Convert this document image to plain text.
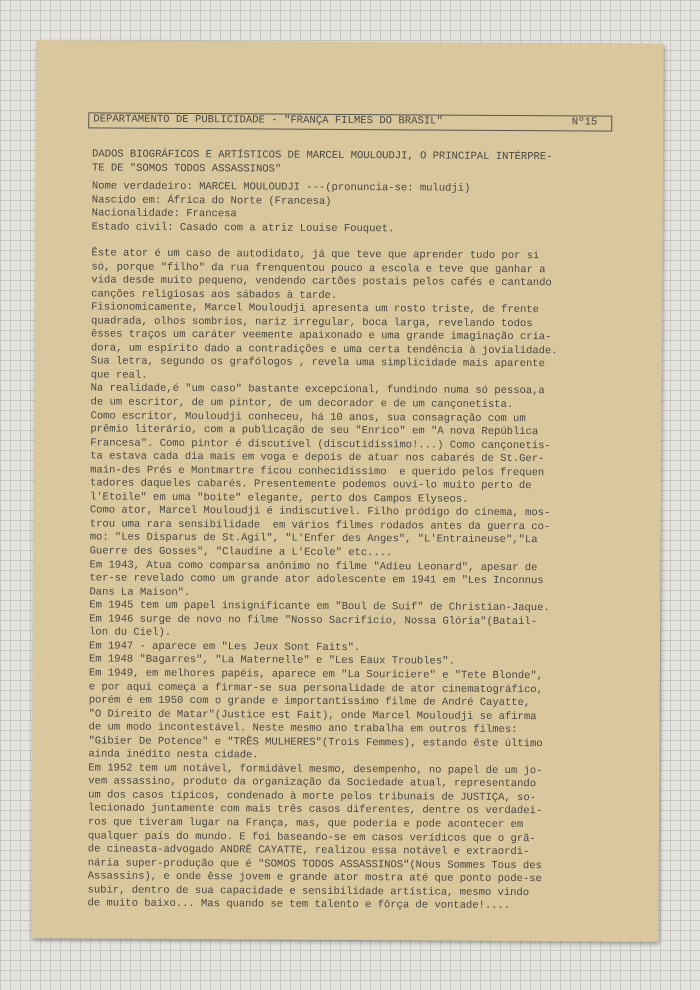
DEPARTAMENTO DE PUBLICIDADE - "FRANÇA FILMES DO BRASIL"	Nº15
DADOS BIOGRÁFICOS E ARTÍSTICOS DE MARCEL MOULOUDJI, O PRINCIPAL INTÉRPRE-
TE DE "SOMOS TODOS ASSASSINOS"
Nome verdadeiro: MARCEL MOULOUDJI ---(pronuncia-se: muludji)
Nascido em: África do Norte (Francesa)
Nacionalidade: Francesa
Estado civil: Casado com a atriz Louise Fouquet.
Êste ator é um caso de autodidato, já que teve que aprender tudo por si
só, porque "filho" da rua frenquentou pouco a escola e teve que ganhar a
vida desde muito pequeno, vendendo cartões postais pelos cafés e cantando
canções religiosas aos sábados à tarde.
Fisionomicamente, Marcel Mouloudji apresenta um rosto triste, de frente
quadrada, olhos sombrios, nariz irregular, boca larga, revelando todos
êsses traços um caráter veemente apaixonado e uma grande imaginação cria-
dora, um espírito dado a contradições e uma certa tendência à jovialidade.
Sua letra, segundo os grafólogos , revela uma simplicidade mais aparente
que real.
Na realidade,é "um caso" bastante excepcional, fundindo numa só pessoa,a
de um escritor, de um pintor, de um decorador e de um cançonetista.
Como escritor, Mouloudji conheceu, há 10 anos, sua consagração com um
prêmio literário, com a publicação de seu "Enrico" em "A nova República
Francesa". Como pintor é discutível (discutidíssimo!...) Como cançonetis-
ta estava cada dia mais em voga e depois de atuar nos cabarés de St.Ger-
main-des Prés e Montmartre ficou conhecidíssimo  e querido pelos frequen
tadores daqueles cabarés. Presentemente podemos ouví-lo muito perto de
l'Etoile" em uma "boite" elegante, perto dos Campos Elyseos.
Como ator, Marcel Mouloudji é indiscutível. Filho pródigo do cinema, mos-
trou uma rara sensibilidade  em vários filmes rodados antes da guerra co-
mo: "Les Disparus de St.Agil", "L'Enfer des Anges", "L'Entraineuse","La
Guerre des Gosses", "Claudine a L'Ecole" etc....
Em 1943, Atua como comparsa anônimo no filme "Adieu Leonard", apesar de
ter-se revelado como um grande ator adolescente em 1941 em "Les Inconnus
Dans La Maison".
Em 1945 tem um papel insignificante em "Boul de Suif" de Christian-Jaque.
Em 1946 surge de novo no filme "Nosso Sacrifício, Nossa Glória"(Batail-
lon du Ciel).
Em 1947 - aparece em "Les Jeux Sont Faits".
Em 1948 "Bagarres", "La Maternelle" e "Les Eaux Troubles".
Em 1949, em melhores papéis, aparece em "La Souriciere" e "Tete Blonde",
e por aqui começa a firmar-se sua personalidade de ator cinematográfico,
porém é em 1950 com o grande e importantíssimo filme de André Cayatte,
"O Direito de Matar"(Justice est Fait), onde Marcel Mouloudji se afirma
de um modo incontestável. Neste mesmo ano trabalha em outros filmes:
"Gibier De Potence" e "TRÊS MULHERES"(Trois Femmes), estando êste último
ainda inédito nesta cidade.
Em 1952 tem um notável, formidável mesmo, desempenho, no papel de um jo-
vem assassino, produto da organização da Sociedade atual, representando
um dos casos típicos, condenado à morte pelos tribunais de JUSTIÇA, so-
lecionado juntamente com mais três casos diferentes, dentre os verdadei-
ros que tiveram lugar na França, mas, que poderia e pode acontecer em
qualquer país do mundo. E foi baseando-se em casos verídicos que o grã-
de cineasta-advogado ANDRÉ CAYATTE, realizou essa notável e extraordi-
nária super-produção que é "SOMOS TODOS ASSASSINOS"(Nous Sommes Tous des
Assassins), e onde êsse jovem e grande ator mostra até que ponto pode-se
subir, dentro de sua capacidade e sensibilidade artística, mesmo vindo
de muito baixo... Mas quando se tem talento e fôrça de vontade!....
